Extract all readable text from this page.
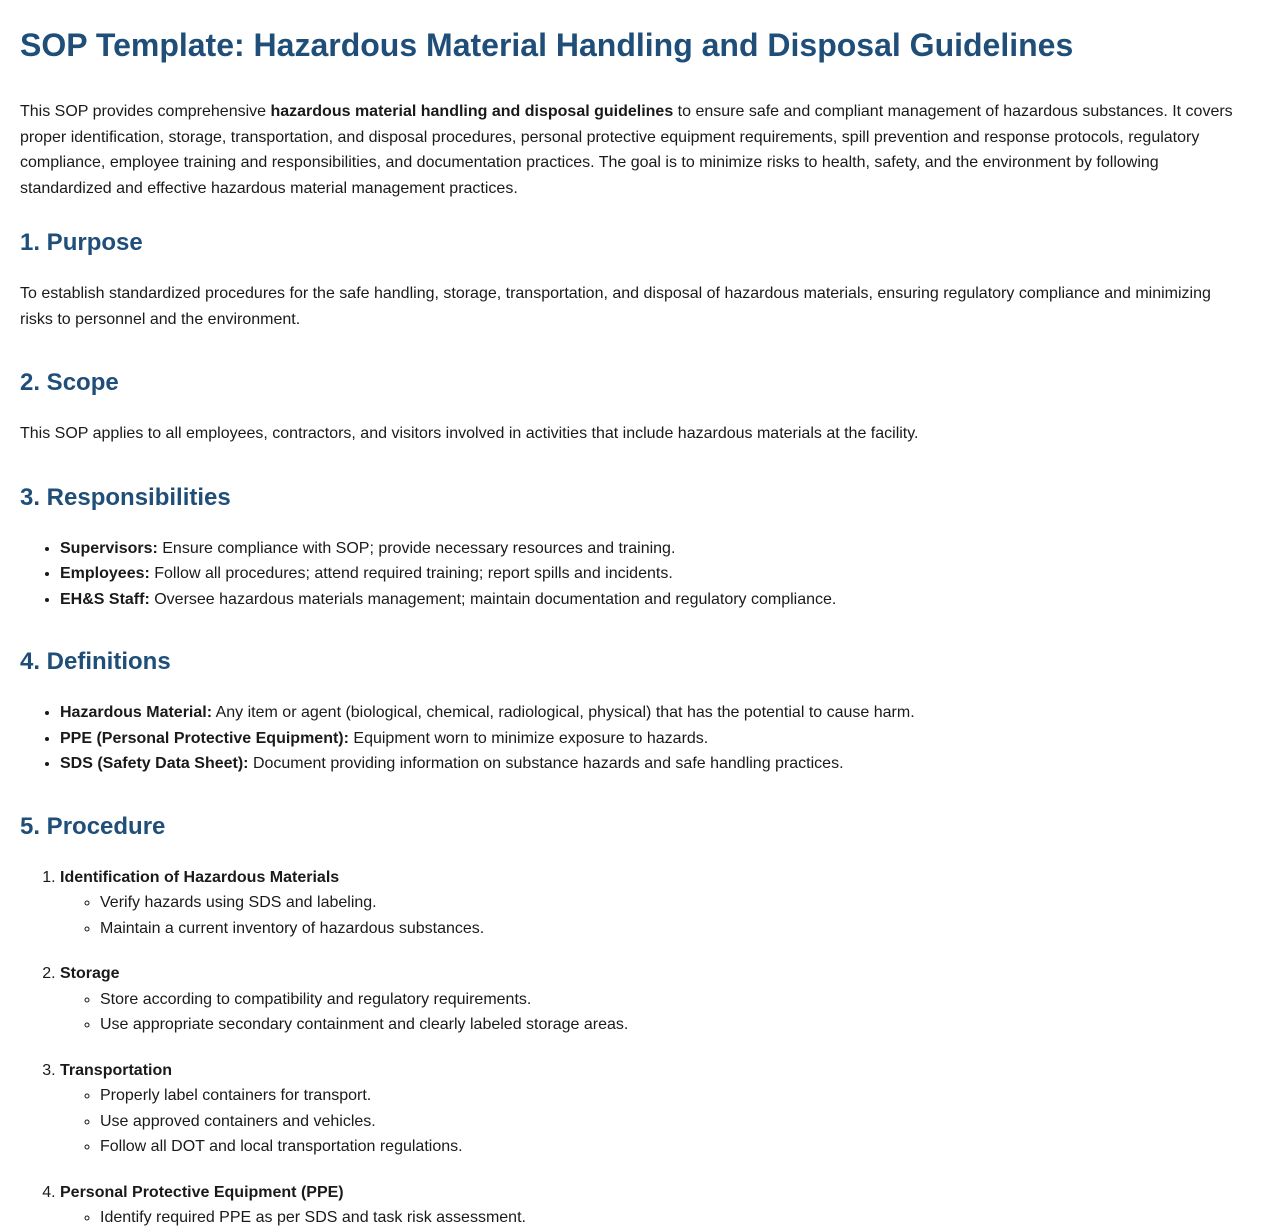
SOP Template: Hazardous Material Handling and Disposal Guidelines

This SOP provides comprehensive hazardous material handling and disposal guidelines to ensure safe and compliant management of hazardous substances. It covers proper identification, storage, transportation, and disposal procedures, personal protective equipment requirements, spill prevention and response protocols, regulatory compliance, employee training and responsibilities, and documentation practices. The goal is to minimize risks to health, safety, and the environment by following standardized and effective hazardous material management practices.

1. Purpose

To establish standardized procedures for the safe handling, storage, transportation, and disposal of hazardous materials, ensuring regulatory compliance and minimizing risks to personnel and the environment.

2. Scope

This SOP applies to all employees, contractors, and visitors involved in activities that include hazardous materials at the facility.

3. Responsibilities
• Supervisors: Ensure compliance with SOP; provide necessary resources and training.
• Employees: Follow all procedures; attend required training; report spills and incidents.
• EH&S Staff: Oversee hazardous materials management; maintain documentation and regulatory compliance.
4. Definitions
• Hazardous Material: Any item or agent (biological, chemical, radiological, physical) that has the potential to cause harm.
• PPE (Personal Protective Equipment): Equipment worn to minimize exposure to hazards.
• SDS (Safety Data Sheet): Document providing information on substance hazards and safe handling practices.
5. Procedure
1. Identification of Hazardous Materials
◦ Verify hazards using SDS and labeling.
◦ Maintain a current inventory of hazardous substances.
2. Storage
◦ Store according to compatibility and regulatory requirements.
◦ Use appropriate secondary containment and clearly labeled storage areas.
3. Transportation
◦ Properly label containers for transport.
◦ Use approved containers and vehicles.
◦ Follow all DOT and local transportation regulations.
4. Personal Protective Equipment (PPE)
◦ Identify required PPE as per SDS and task risk assessment.
